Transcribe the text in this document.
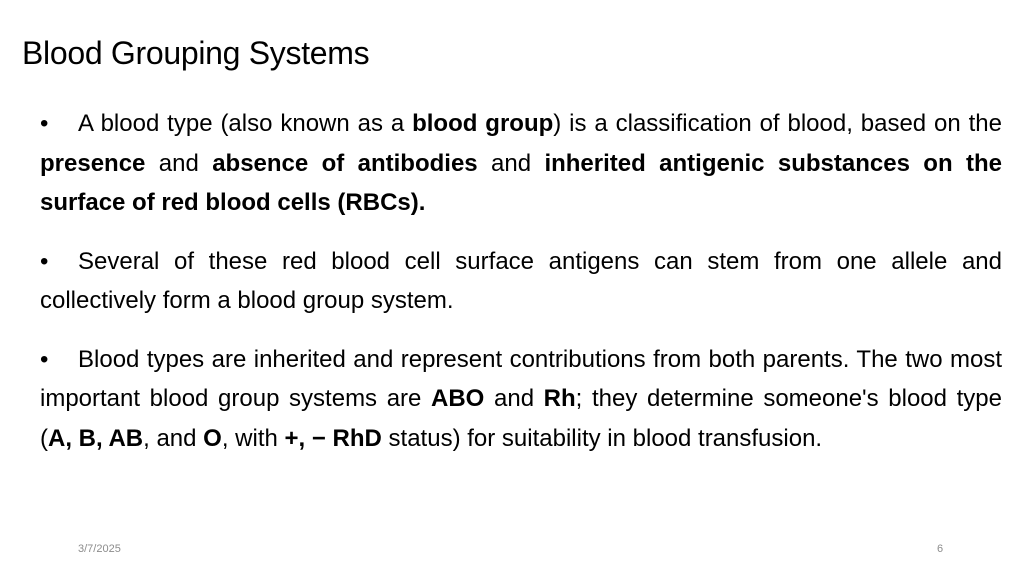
Blood Grouping Systems

• A blood type (also known as a blood group) is a classification of blood, based on the presence and absence of antibodies and inherited antigenic substances on the surface of red blood cells (RBCs).

• Several of these red blood cell surface antigens can stem from one allele and collectively form a blood group system.

• Blood types are inherited and represent contributions from both parents. The two most important blood group systems are ABO and Rh; they determine someone's blood type (A, B, AB, and O, with +, − RhD status) for suitability in blood transfusion.

3/7/2025	6
